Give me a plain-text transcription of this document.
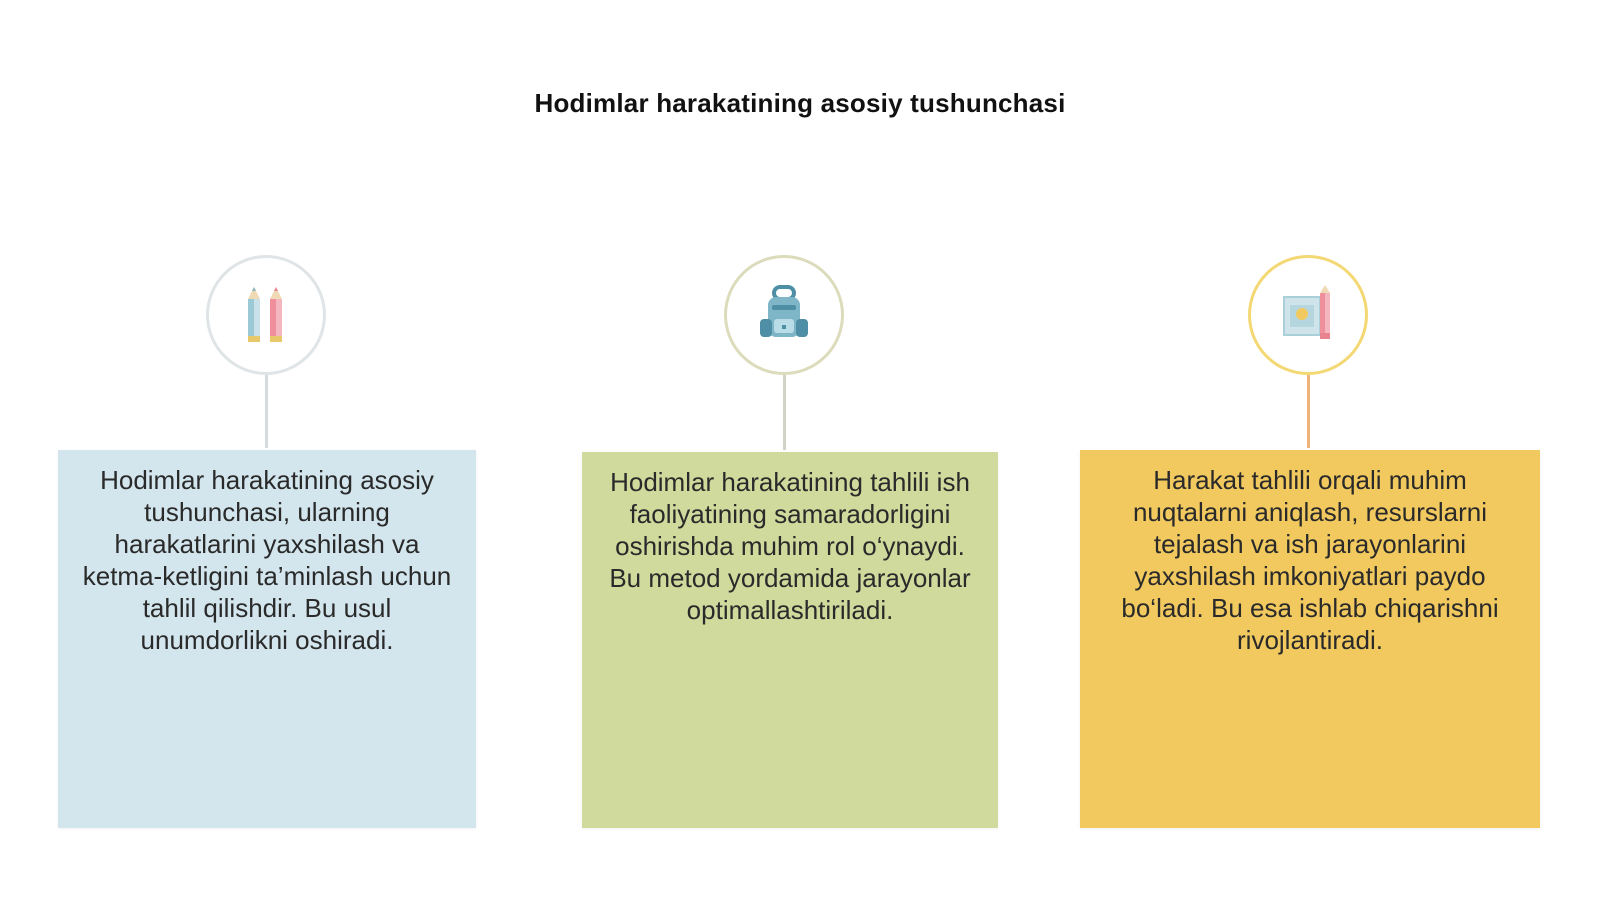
Hodimlar harakatining asosiy tushunchasi

Hodimlar harakatining asosiy tushunchasi, ularning harakatlarini yaxshilash va ketma-ketligini ta’minlash uchun tahlil qilishdir. Bu usul unumdorlikni oshiradi.

Hodimlar harakatining tahlili ish faoliyatining samaradorligini oshirishda muhim rol o‘ynaydi. Bu metod yordamida jarayonlar optimallashtiriladi.

Harakat tahlili orqali muhim nuqtalarni aniqlash, resurslarni tejalash va ish jarayonlarini yaxshilash imkoniyatlari paydo bo‘ladi. Bu esa ishlab chiqarishni rivojlantiradi.
